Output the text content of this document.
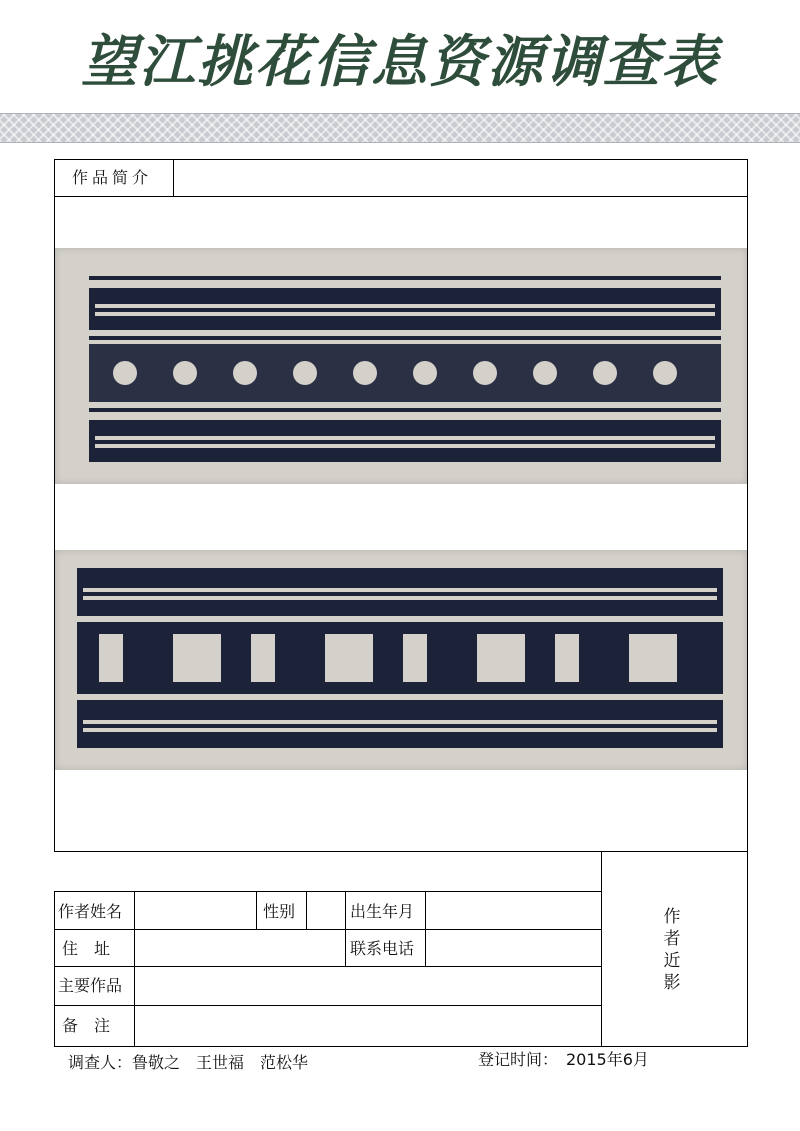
望江挑花信息资源调查表
作品简介
作
者
近
影
作者姓名	性别	出生年月
住　址	联系电话
主要作品
备　注
调查人：鲁敬之　王世福　范松华	登记时间：　2015年6月
